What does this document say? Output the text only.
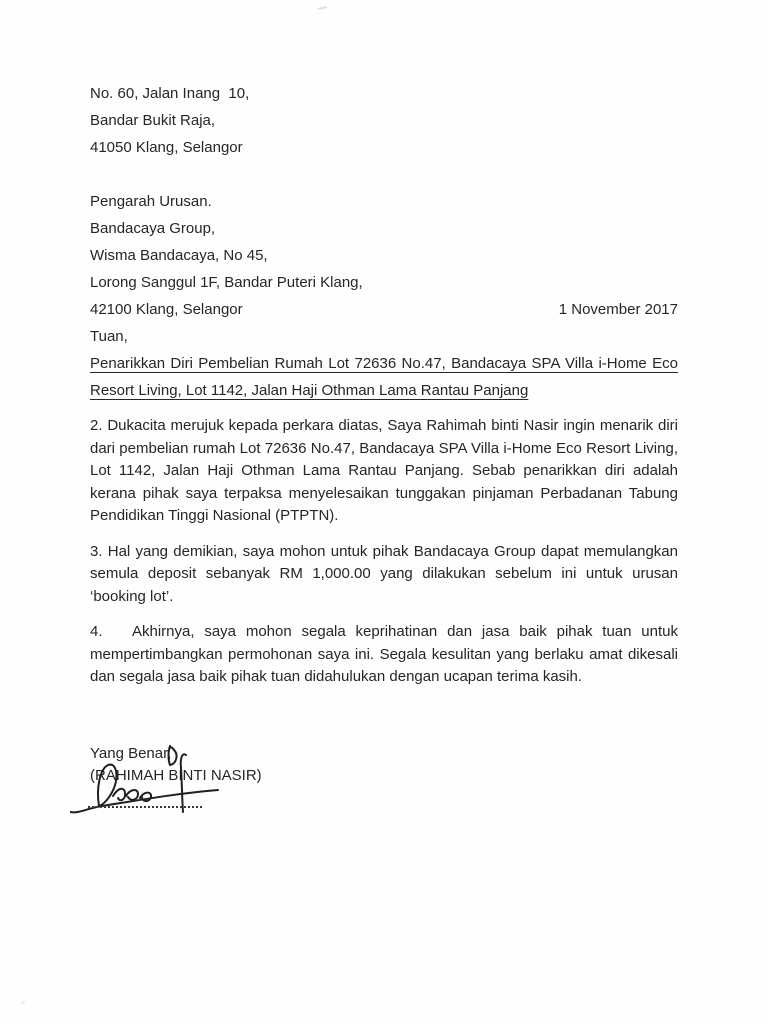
No. 60, Jalan Inang  10,

Bandar Bukit Raja,

41050 Klang, Selangor

Pengarah Urusan.

Bandacaya Group,

Wisma Bandacaya, No 45,

Lorong Sanggul 1F, Bandar Puteri Klang,

42100 Klang, Selangor	1 November 2017

Tuan,

Penarikkan Diri Pembelian Rumah Lot 72636 No.47, Bandacaya SPA Villa i-Home Eco Resort Living, Lot 1142, Jalan Haji Othman Lama Rantau Panjang

2. Dukacita merujuk kepada perkara diatas, Saya Rahimah binti Nasir ingin menarik diri dari pembelian rumah Lot 72636 No.47, Bandacaya SPA Villa i-Home Eco Resort Living, Lot 1142, Jalan Haji Othman Lama Rantau Panjang. Sebab penarikkan diri adalah kerana pihak saya terpaksa menyelesaikan tunggakan pinjaman Perbadanan Tabung Pendidikan Tinggi Nasional (PTPTN).

3. Hal yang demikian, saya mohon untuk pihak Bandacaya Group dapat memulangkan semula deposit sebanyak RM 1,000.00 yang dilakukan sebelum ini untuk urusan ‘booking lot’.

4.   Akhirnya, saya mohon segala keprihatinan dan jasa baik pihak tuan untuk mempertimbangkan permohonan saya ini. Segala kesulitan yang berlaku amat dikesali dan segala jasa baik pihak tuan didahulukan dengan ucapan terima kasih.

Yang Benar,

(RAHIMAH BINTI NASIR)
